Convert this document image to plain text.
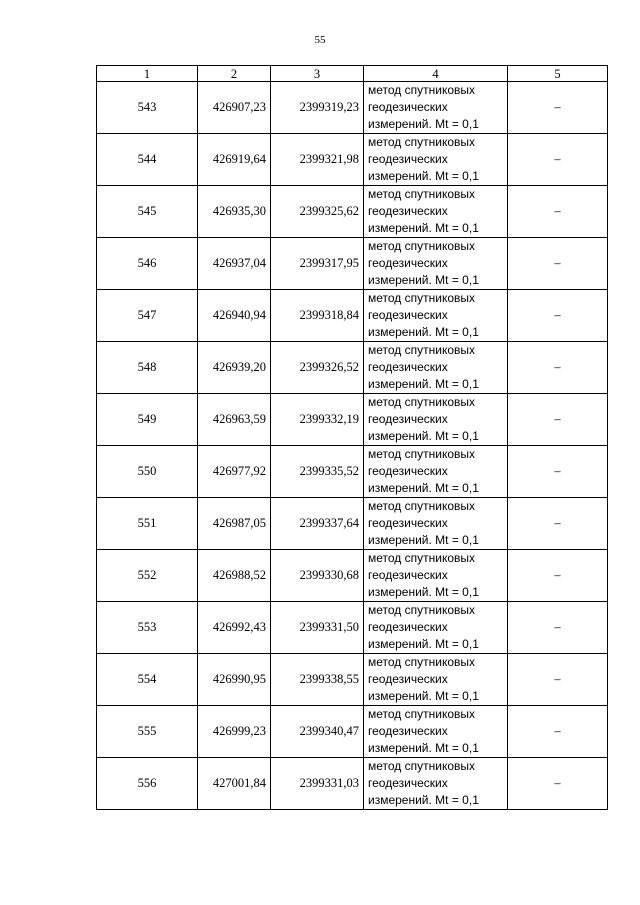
55
1	2	3	4	5
543	426907,23	2399319,23	метод спутниковых геодезических измерений. Mt = 0,1	–
544	426919,64	2399321,98	метод спутниковых геодезических измерений. Mt = 0,1	–
545	426935,30	2399325,62	метод спутниковых геодезических измерений. Mt = 0,1	–
546	426937,04	2399317,95	метод спутниковых геодезических измерений. Mt = 0,1	–
547	426940,94	2399318,84	метод спутниковых геодезических измерений. Mt = 0,1	–
548	426939,20	2399326,52	метод спутниковых геодезических измерений. Mt = 0,1	–
549	426963,59	2399332,19	метод спутниковых геодезических измерений. Mt = 0,1	–
550	426977,92	2399335,52	метод спутниковых геодезических измерений. Mt = 0,1	–
551	426987,05	2399337,64	метод спутниковых геодезических измерений. Mt = 0,1	–
552	426988,52	2399330,68	метод спутниковых геодезических измерений. Mt = 0,1	–
553	426992,43	2399331,50	метод спутниковых геодезических измерений. Mt = 0,1	–
554	426990,95	2399338,55	метод спутниковых геодезических измерений. Mt = 0,1	–
555	426999,23	2399340,47	метод спутниковых геодезических измерений. Mt = 0,1	–
556	427001,84	2399331,03	метод спутниковых геодезических измерений. Mt = 0,1	–
